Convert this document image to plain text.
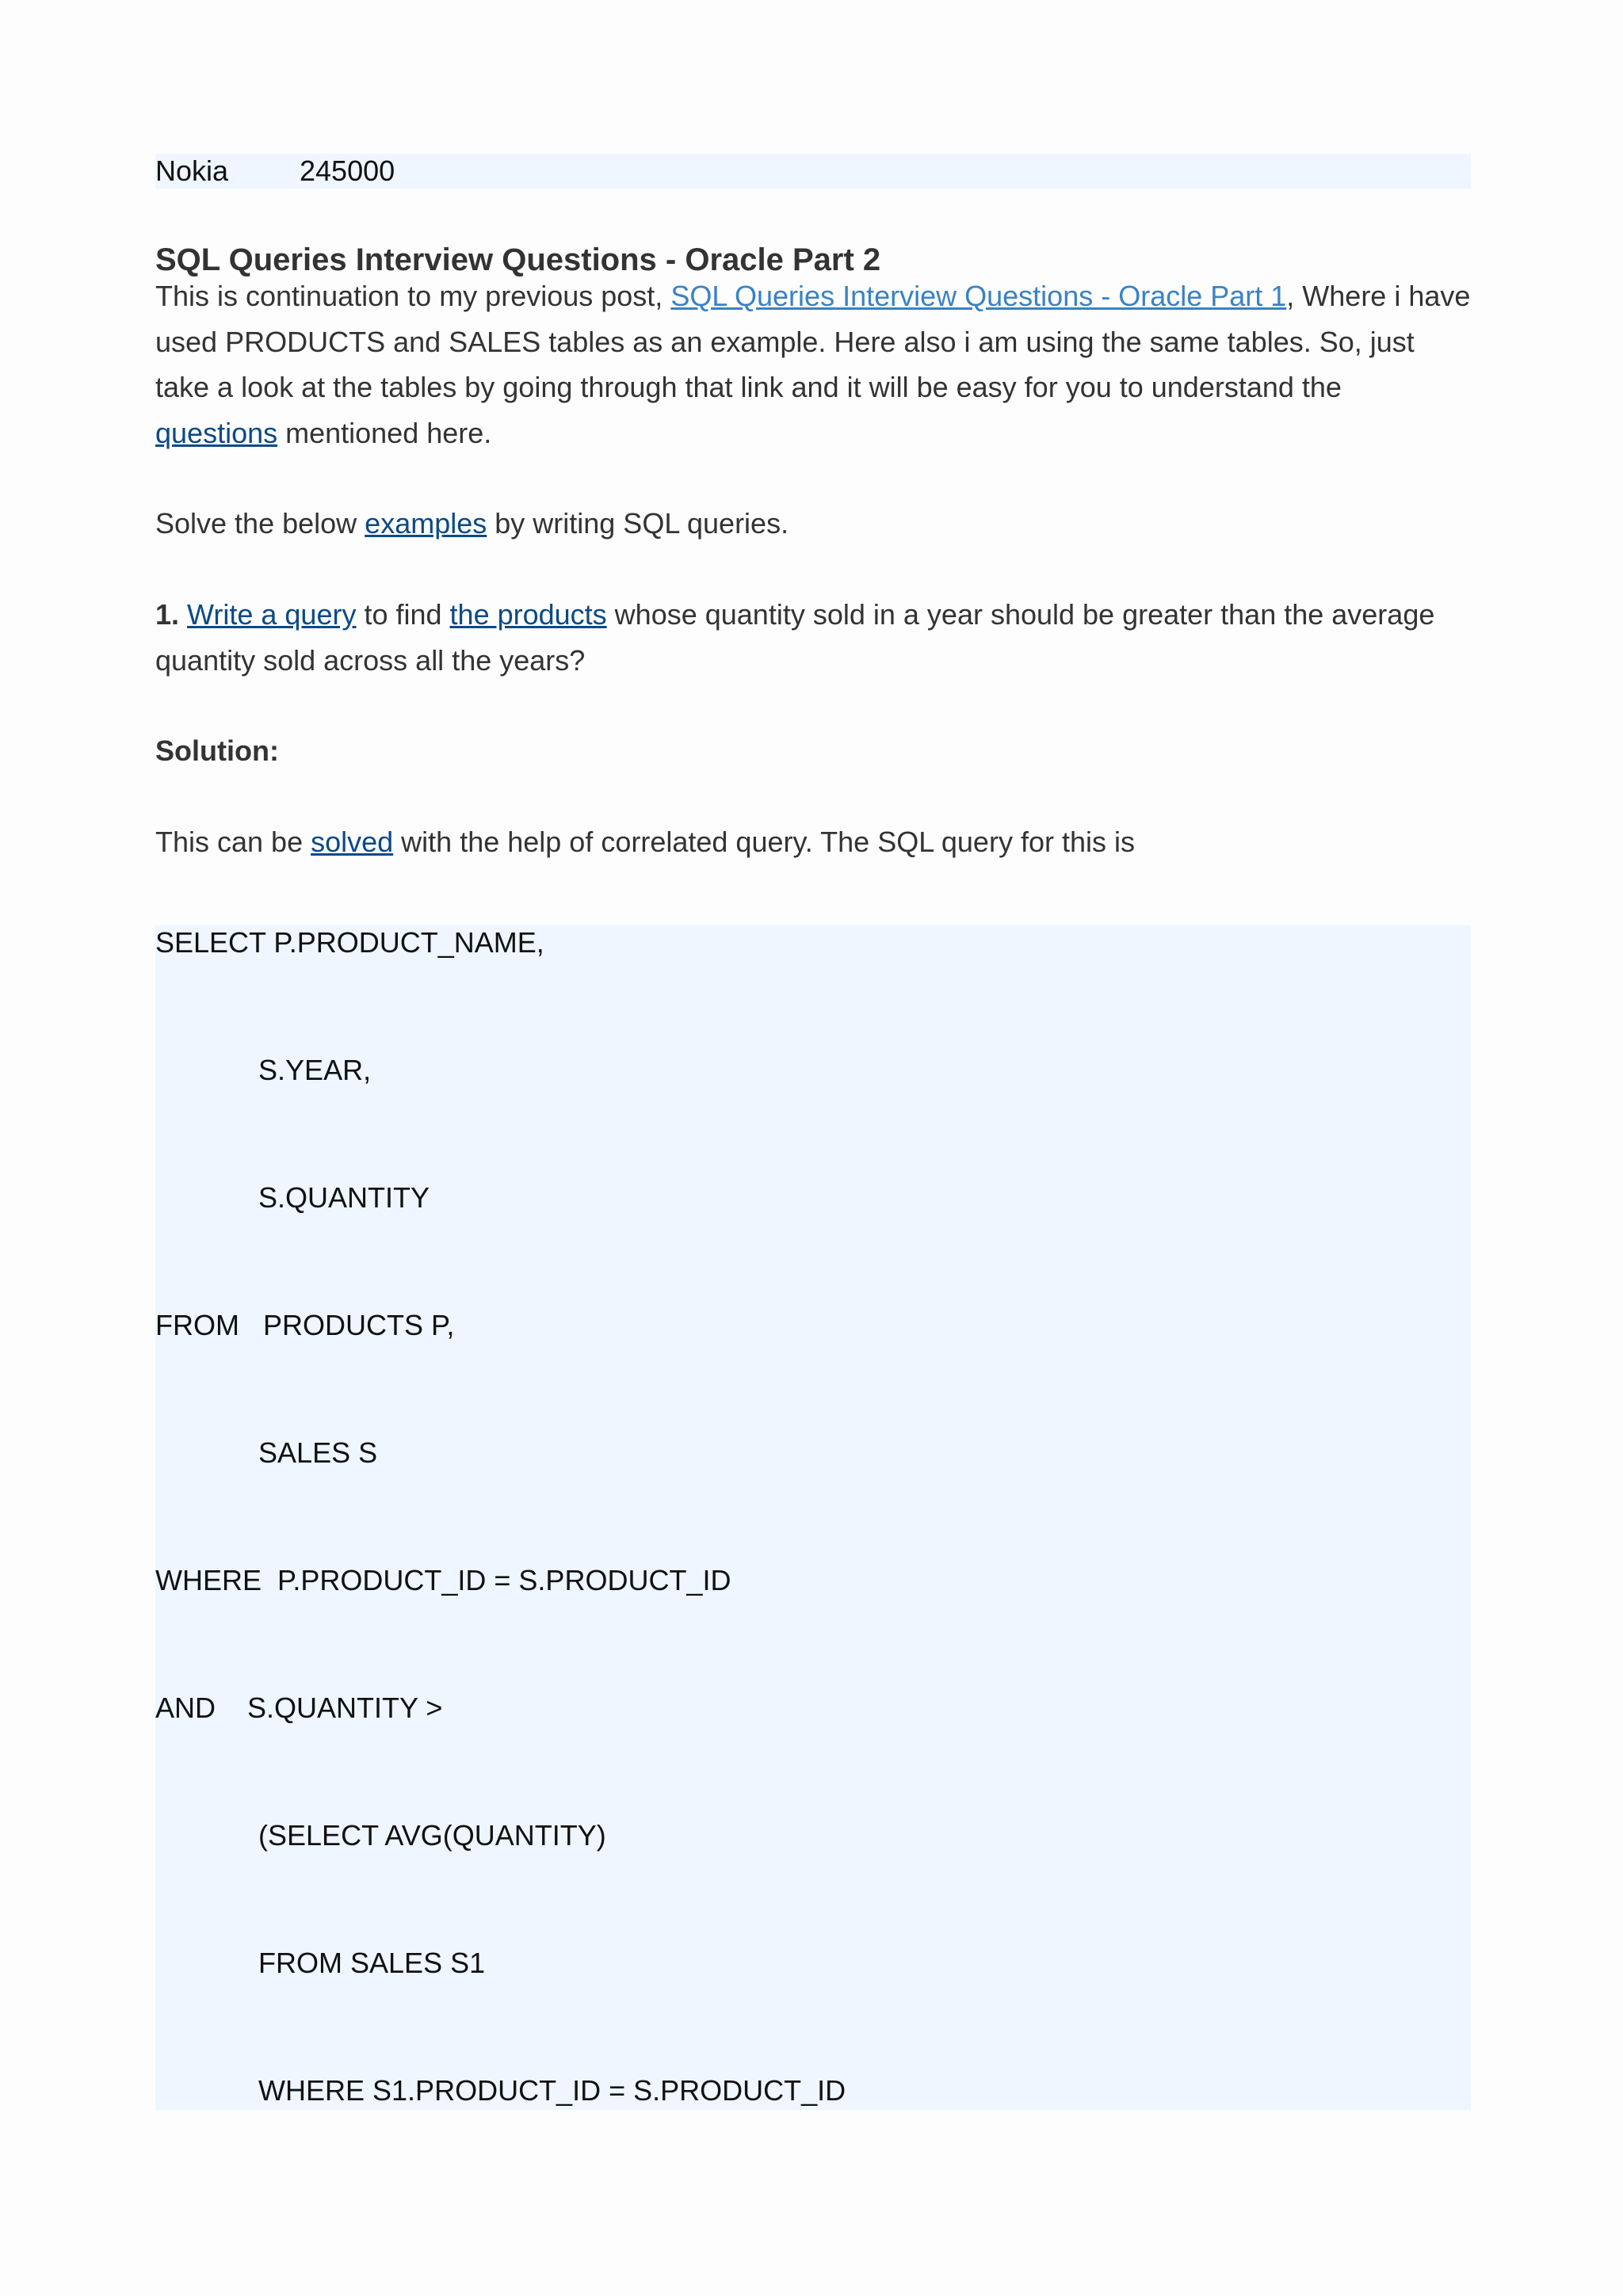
Nokia 245000
SQL Queries Interview Questions - Oracle Part 2

This is continuation to my previous post, SQL Queries Interview Questions - Oracle Part 1, Where i have used PRODUCTS and SALES tables as an example. Here also i am using the same tables. So, just take a look at the tables by going through that link and it will be easy for you to understand the questions mentioned here.

Solve the below examples by writing SQL queries.

1. Write a query to find the products whose quantity sold in a year should be greater than the average quantity sold across all the years?

Solution:

This can be solved with the help of correlated query. The SQL query for this is

SELECT P.PRODUCT_NAME,
S.YEAR,
S.QUANTITY
FROM   PRODUCTS P,
SALES S
WHERE  P.PRODUCT_ID = S.PRODUCT_ID
AND    S.QUANTITY >
(SELECT AVG(QUANTITY)
FROM SALES S1
WHERE S1.PRODUCT_ID = S.PRODUCT_ID
